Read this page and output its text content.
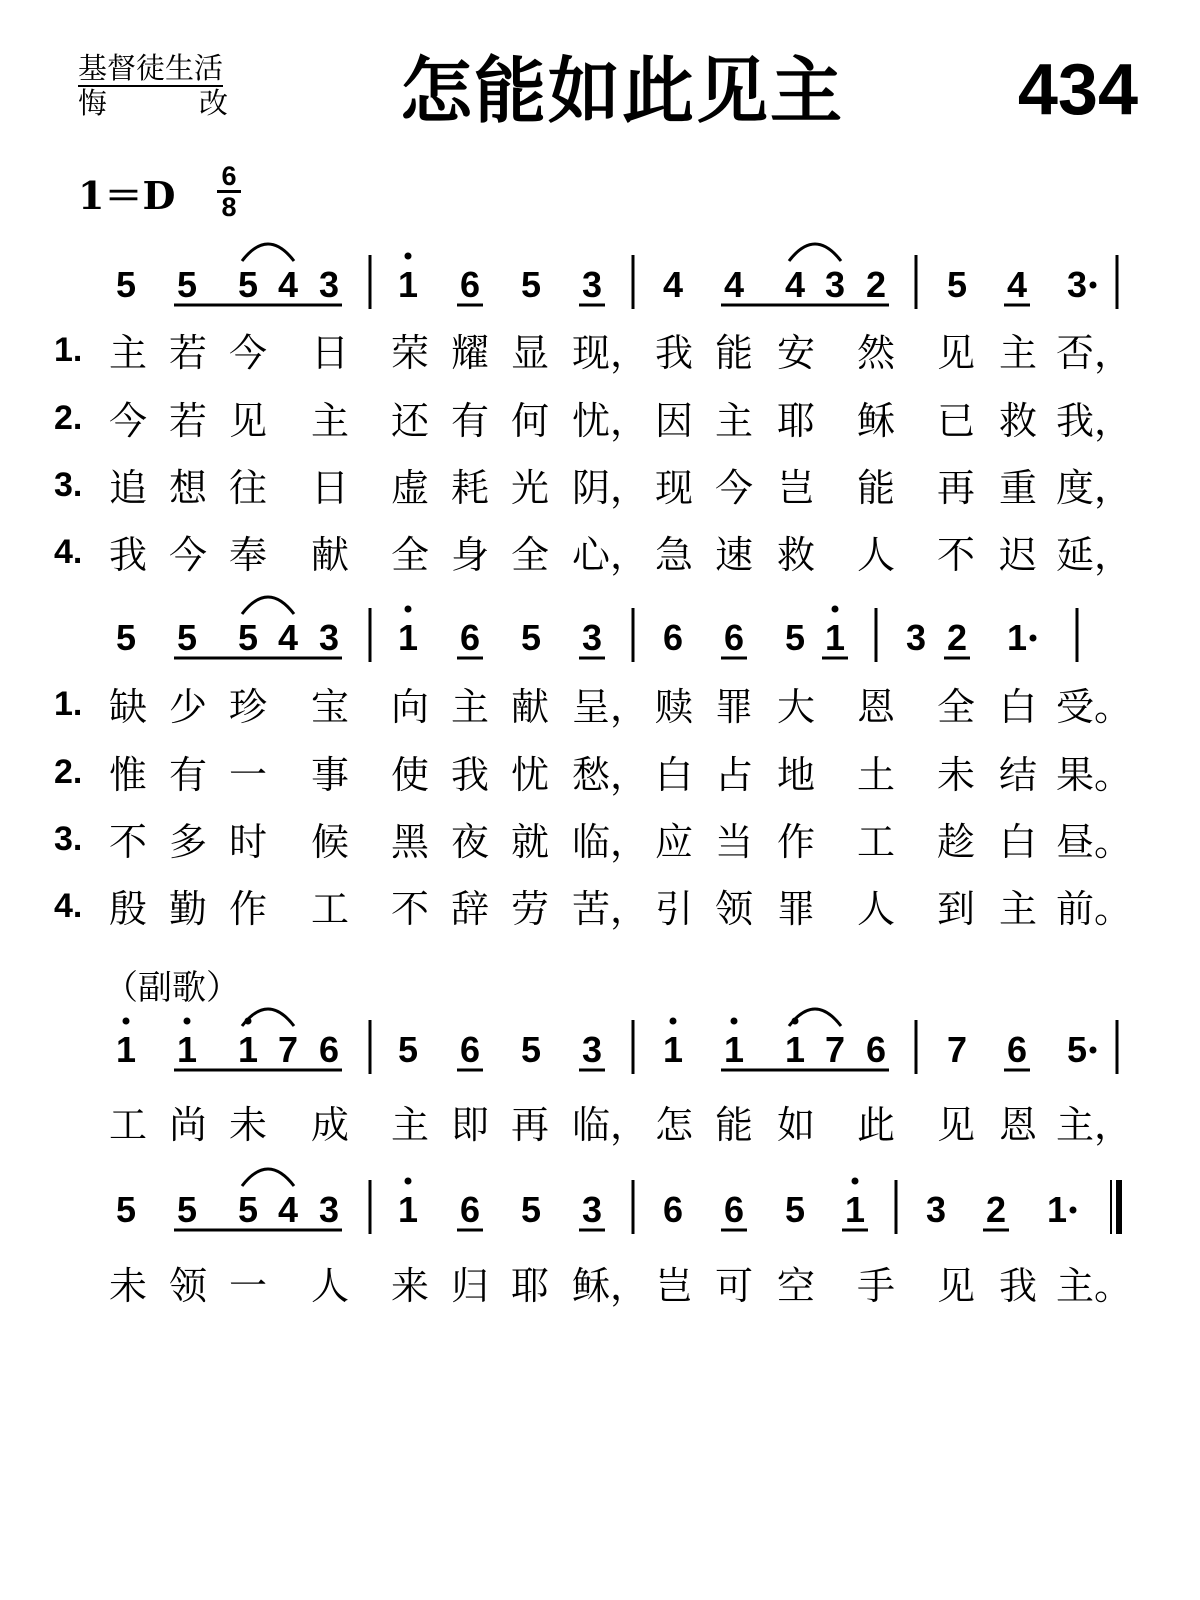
基督徒生活
悔	改 怎能如此见主 434
1＝D 6
8
5 5 5 4 3 1 6 5 3 4 4 4 3 2 5 4 3
5 5 5 4 3 1 6 5 3 6 6 5 1 3 2 1
1 1 1 7 6 5 6 5 3 1 1 1 7 6 7 6 5
5 5 5 4 3 1 6 5 3 6 6 5 1 3 2 1
1. 主 若 今 日 荣 耀 显 现， 我 能 安 然 见 主 否，
2. 今 若 见 主 还 有 何 忧， 因 主 耶 稣 已 救 我，
3. 追 想 往 日 虚 耗 光 阴， 现 今 岂 能 再 重 度，
4. 我 今 奉 献 全 身 全 心， 急 速 救 人 不 迟 延，
1. 缺 少 珍 宝 向 主 献 呈， 赎 罪 大 恩 全 白 受。
2. 惟 有 一 事 使 我 忧 愁， 白 占 地 土 未 结 果。
3. 不 多 时 候 黑 夜 就 临， 应 当 作 工 趁 白 昼。
4. 殷 勤 作 工 不 辞 劳 苦， 引 领 罪 人 到 主 前。
工 尚 未 成 主 即 再 临， 怎 能 如 此 见 恩 主，
未 领 一 人 来 归 耶 稣， 岂 可 空 手 见 我 主。
（副歌）
